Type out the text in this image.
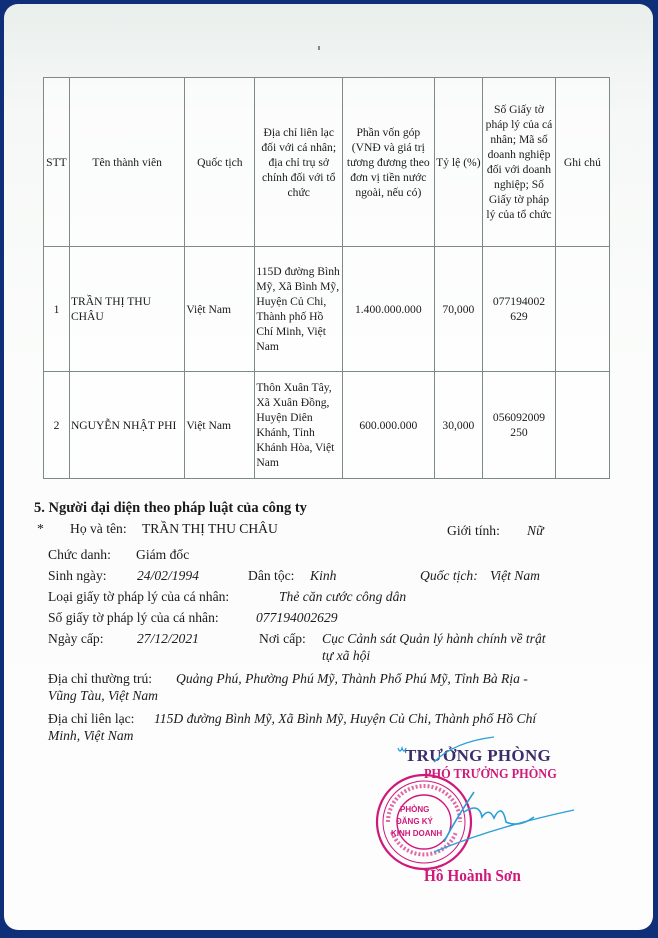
STT	Tên thành viên	Quốc tịch	Địa chỉ liên lạc đối với cá nhân; địa chỉ trụ sở chính đối với tổ chức	Phần vốn góp (VNĐ và giá trị tương đương theo đơn vị tiền nước ngoài, nếu có)	Tỷ lệ (%)	Số Giấy tờ pháp lý của cá nhân; Mã số doanh nghiệp đối với doanh nghiệp; Số Giấy tờ pháp lý của tổ chức	Ghi chú
1	TRẦN THỊ THU CHÂU	Việt Nam	115D đường Bình Mỹ, Xã Bình Mỹ, Huyện Củ Chi, Thành phố Hồ Chí Minh, Việt Nam	1.400.000.000	70,000	077194002 629	
2	NGUYỄN NHẬT PHI	Việt Nam	Thôn Xuân Tây, Xã Xuân Đồng, Huyện Diên Khánh, Tỉnh Khánh Hòa, Việt Nam	600.000.000	30,000	056092009 250	
5. Người đại diện theo pháp luật của công ty
* Họ và tên: TRẦN THỊ THU CHÂU	Giới tính: Nữ
Chức danh: Giám đốc
Sinh ngày: 24/02/1994	Dân tộc: Kinh	Quốc tịch: Việt Nam
Loại giấy tờ pháp lý của cá nhân:	Thẻ căn cước công dân
Số giấy tờ pháp lý của cá nhân:	077194002629
Ngày cấp: 27/12/2021	Nơi cấp: Cục Cảnh sát Quản lý hành chính về trật
tự xã hội
Địa chỉ thường trú: Quảng Phú, Phường Phú Mỹ, Thành Phố Phú Mỹ, Tỉnh Bà Rịa -
Vũng Tàu, Việt Nam
Địa chỉ liên lạc: 115D đường Bình Mỹ, Xã Bình Mỹ, Huyện Củ Chi, Thành phố Hồ Chí
Minh, Việt Nam
PHÒNG
ĐĂNG KÝ
KINH DOANH
TRƯỞNG PHÒNG
PHÓ TRƯỞNG PHÒNG
Hồ Hoành Sơn
